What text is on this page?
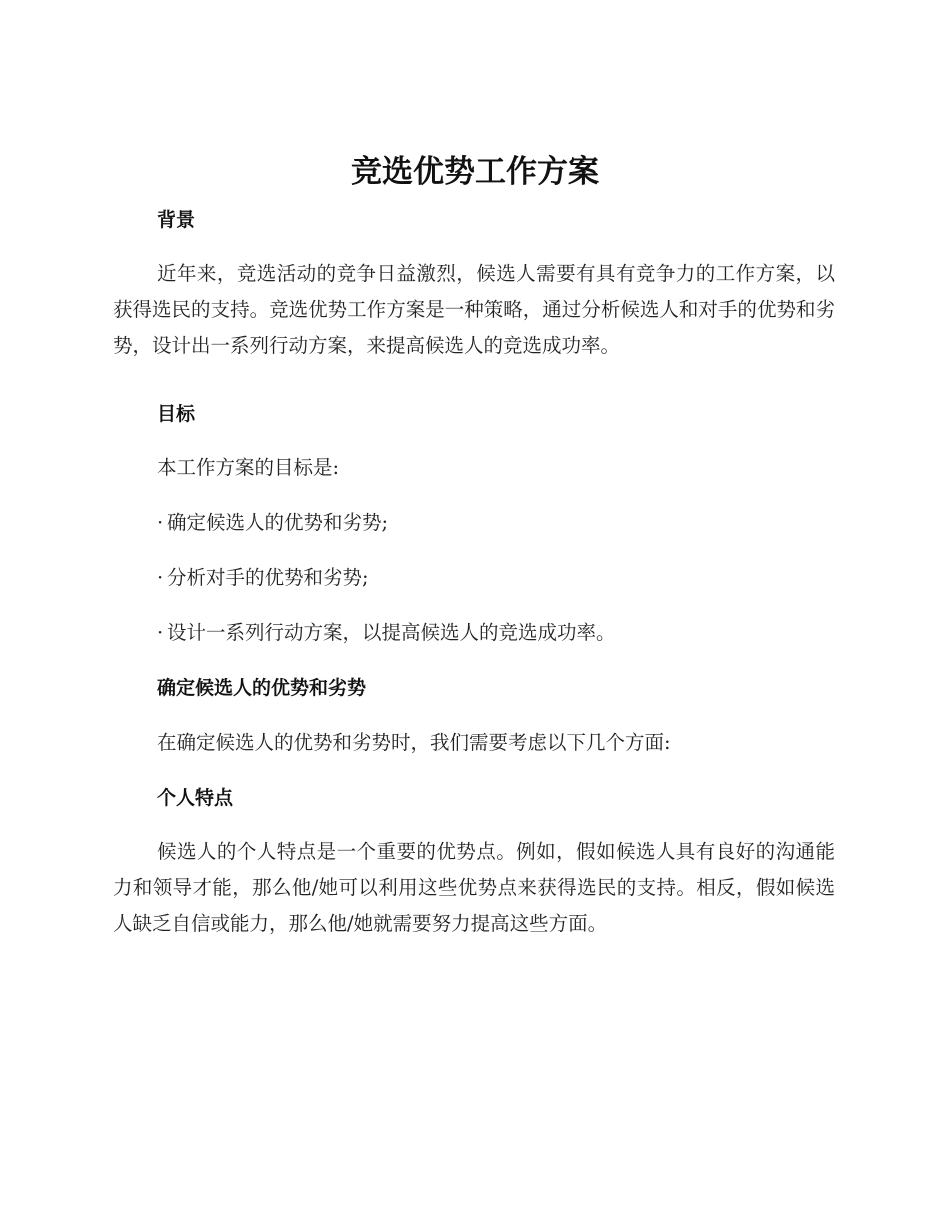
竞选优势工作方案
背景

近年来，竞选活动的竞争日益激烈，候选人需要有具有竞争力的工作方案，以获得选民的支持。竞选优势工作方案是一种策略，通过分析候选人和对手的优势和劣势，设计出一系列行动方案，来提高候选人的竞选成功率。

目标

本工作方案的目标是:

· 确定候选人的优势和劣势;

· 分析对手的优势和劣势;

· 设计一系列行动方案，以提高候选人的竞选成功率。

确定候选人的优势和劣势

在确定候选人的优势和劣势时，我们需要考虑以下几个方面:

个人特点

候选人的个人特点是一个重要的优势点。例如，假如候选人具有良好的沟通能力和领导才能，那么他/她可以利用这些优势点来获得选民的支持。相反，假如候选人缺乏自信或能力，那么他/她就需要努力提高这些方面。
